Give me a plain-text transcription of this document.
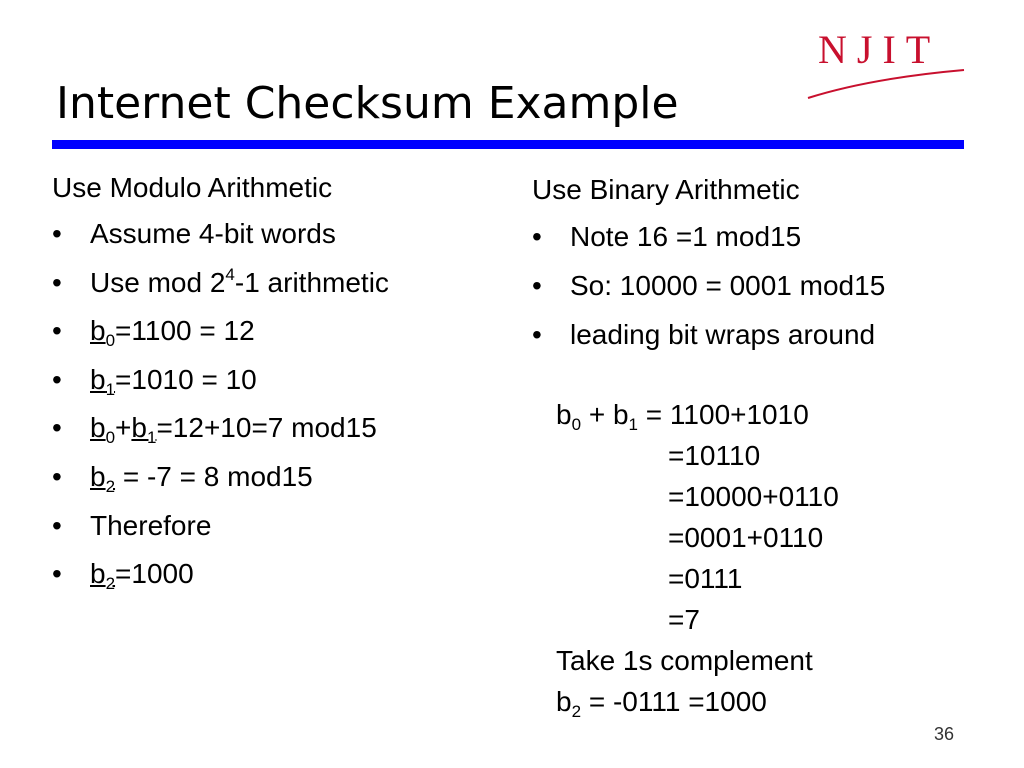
NJIT
Internet Checksum Example
Use Modulo Arithmetic
•	Assume 4-bit words
•	Use mod $2^4-1$ arithmetic
•	$b_0=1100 = 12$
•	$b_1=1010 = 10$
•	$b_0+b_1=12+10=7$ mod15
•	$b_2 = -7 = 8$ mod15
•	Therefore
•	$b_2=1000$
Use Binary Arithmetic
•	Note 16 =1 mod15
•	So: 10000 = 0001 mod15
•	leading bit wraps around
$b_0 + b_1 = 1100+1010$
=10110
=10000+0110
=0001+0110
=0111
=7
Take 1s complement
$b_2 = -0111 =1000$
36
